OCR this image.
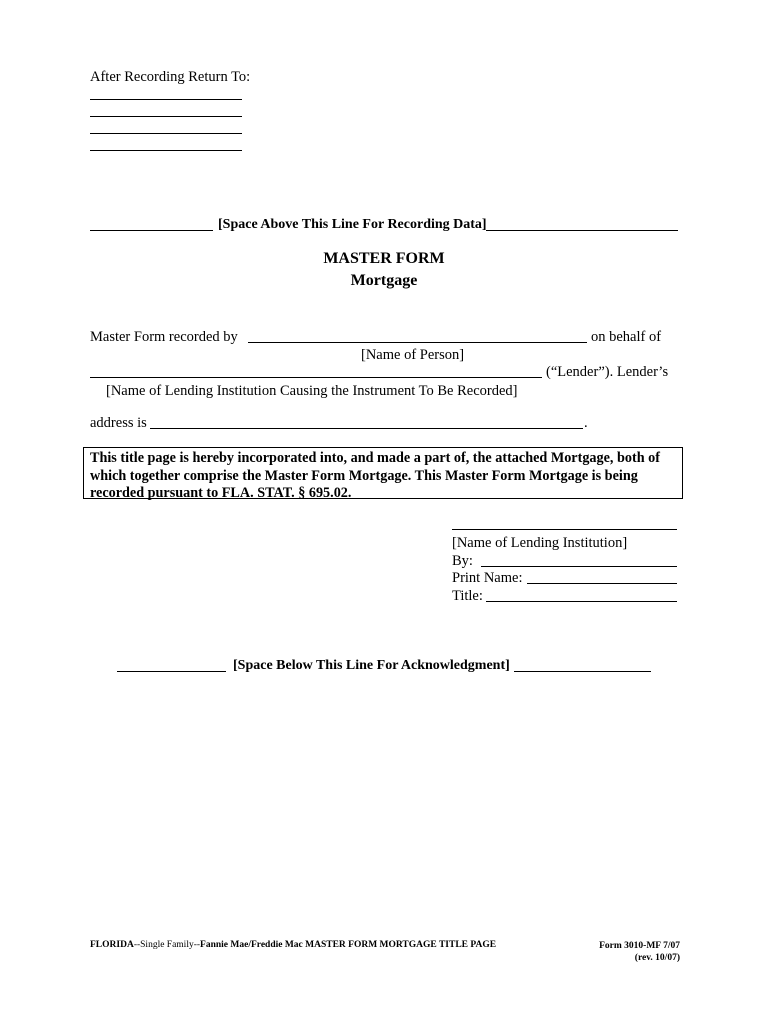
After Recording Return To:
[Space Above This Line For Recording Data]
MASTER FORM
Mortgage
Master Form recorded by	on behalf of
[Name of Person]
(“Lender”). Lender’s
[Name of Lending Institution Causing the Instrument To Be Recorded]
address is	.
This title page is hereby incorporated into, and made a part of, the attached Mortgage, both of which together comprise the Master Form Mortgage. This Master Form Mortgage is being recorded pursuant to FLA. STAT. § 695.02.
[Name of Lending Institution]
By:
Print Name:
Title:
[Space Below This Line For Acknowledgment]
FLORIDA--Single Family--Fannie Mae/Freddie Mac MASTER FORM MORTGAGE TITLE PAGE	Form 3010-MF 7/07
(rev. 10/07)
